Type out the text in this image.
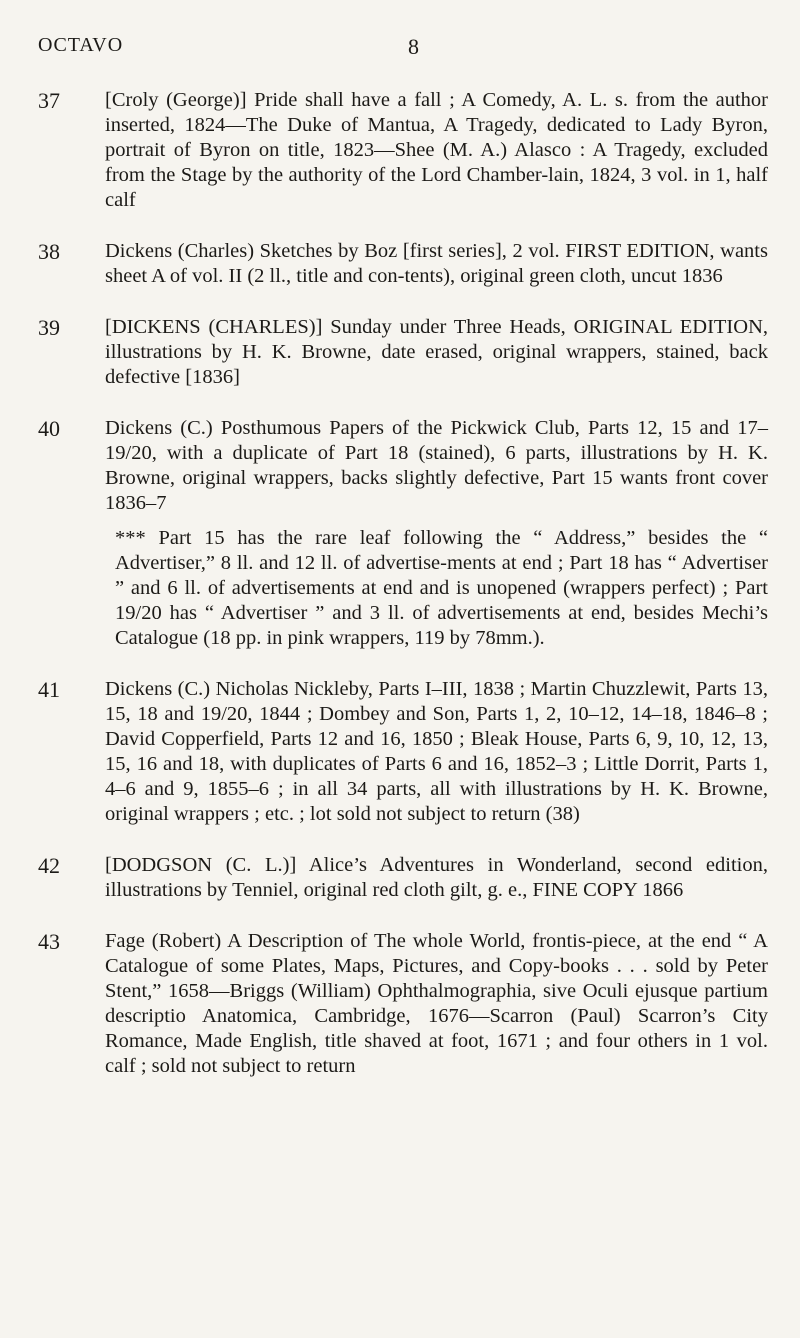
OCTAVO	8
37 [Croly (George)] Pride shall have a fall ; A Comedy, A. L. s. from the author inserted, 1824—The Duke of Mantua, A Tragedy, dedicated to Lady Byron, portrait of Byron on title, 1823—Shee (M. A.) Alasco : A Tragedy, excluded from the Stage by the authority of the Lord Chamber-lain, 1824, 3 vol. in 1, half calf

38 Dickens (Charles) Sketches by Boz [first series], 2 vol. FIRST EDITION, wants sheet A of vol. II (2 ll., title and con-tents), original green cloth, uncut 1836

39 [DICKENS (CHARLES)] Sunday under Three Heads, ORIGINAL EDITION, illustrations by H. K. Browne, date erased, original wrappers, stained, back defective [1836]

40 Dickens (C.) Posthumous Papers of the Pickwick Club, Parts 12, 15 and 17–19/20, with a duplicate of Part 18 (stained), 6 parts, illustrations by H. K. Browne, original wrappers, backs slightly defective, Part 15 wants front cover 1836–7

*** Part 15 has the rare leaf following the “ Address,” besides the “ Advertiser,” 8 ll. and 12 ll. of advertise-ments at end ; Part 18 has “ Advertiser ” and 6 ll. of advertisements at end and is unopened (wrappers perfect) ; Part 19/20 has “ Advertiser ” and 3 ll. of advertisements at end, besides Mechi’s Catalogue (18 pp. in pink wrappers, 119 by 78mm.).

41 Dickens (C.) Nicholas Nickleby, Parts I–III, 1838 ; Martin Chuzzlewit, Parts 13, 15, 18 and 19/20, 1844 ; Dombey and Son, Parts 1, 2, 10–12, 14–18, 1846–8 ; David Copperfield, Parts 12 and 16, 1850 ; Bleak House, Parts 6, 9, 10, 12, 13, 15, 16 and 18, with duplicates of Parts 6 and 16, 1852–3 ; Little Dorrit, Parts 1, 4–6 and 9, 1855–6 ; in all 34 parts, all with illustrations by H. K. Browne, original wrappers ; etc. ; lot sold not subject to return (38)

42 [DODGSON (C. L.)] Alice’s Adventures in Wonderland, second edition, illustrations by Tenniel, original red cloth gilt, g. e., FINE COPY 1866

43 Fage (Robert) A Description of The whole World, frontis-piece, at the end “ A Catalogue of some Plates, Maps, Pictures, and Copy-books . . . sold by Peter Stent,” 1658—Briggs (William) Ophthalmographia, sive Oculi ejusque partium descriptio Anatomica, Cambridge, 1676—Scarron (Paul) Scarron’s City Romance, Made English, title shaved at foot, 1671 ; and four others in 1 vol. calf ; sold not subject to return
